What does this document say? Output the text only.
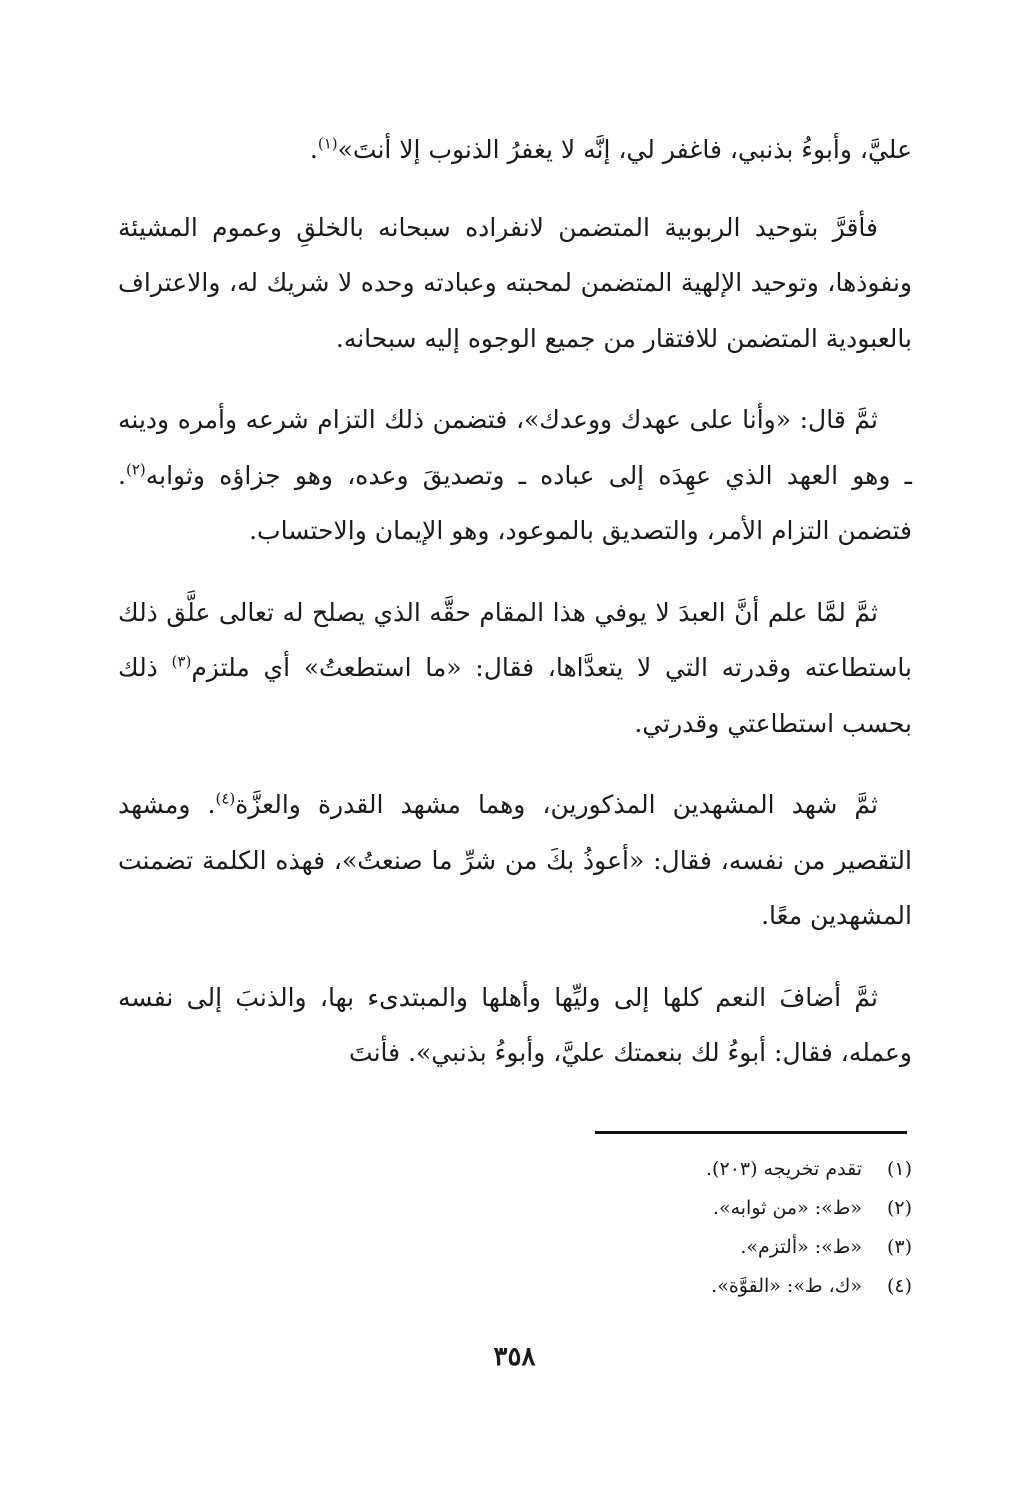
عليَّ، وأبوءُ بذنبي، فاغفر لي، إنَّه لا يغفرُ الذنوب إلا أنتَ»$^{(١)}$.

فأقرَّ بتوحيد الربوبية المتضمن لانفراده سبحانه بالخلقِ وعموم المشيئة ونفوذها، وتوحيد الإلهية المتضمن لمحبته وعبادته وحده لا شريك له، والاعتراف بالعبودية المتضمن للافتقار من جميع الوجوه إليه سبحانه.

ثمَّ قال: «وأنا على عهدك ووعدك»، فتضمن ذلك التزام شرعه وأمره ودينه ـ وهو العهد الذي عهِدَه إلى عباده ـ وتصديقَ وعده، وهو جزاؤه وثوابه$^{(٢)}$. فتضمن التزام الأمر، والتصديق بالموعود، وهو الإيمان والاحتساب.

ثمَّ لمَّا علم أنَّ العبدَ لا يوفي هذا المقام حقَّه الذي يصلح له تعالى علَّق ذلك باستطاعته وقدرته التي لا يتعدَّاها، فقال: «ما استطعتُ» أي ملتزم$^{(٣)}$ ذلك بحسب استطاعتي وقدرتي.

ثمَّ شهد المشهدين المذكورين، وهما مشهد القدرة والعزَّة$^{(٤)}$. ومشهد التقصير من نفسه، فقال: «أعوذُ بكَ من شرِّ ما صنعتُ»، فهذه الكلمة تضمنت المشهدين معًا.

ثمَّ أضافَ النعم كلها إلى وليِّها وأهلها والمبتدىء بها، والذنبَ إلى نفسه وعمله، فقال: أبوءُ لك بنعمتك عليَّ، وأبوءُ بذنبي». فأنتَ

(١)
تقدم تخريجه (٢٠٣).
(٢)
«ط»: «من ثوابه».
(٣)
«ط»: «ألتزم».
(٤)
«ك، ط»: «القوَّة».
٣٥٨
